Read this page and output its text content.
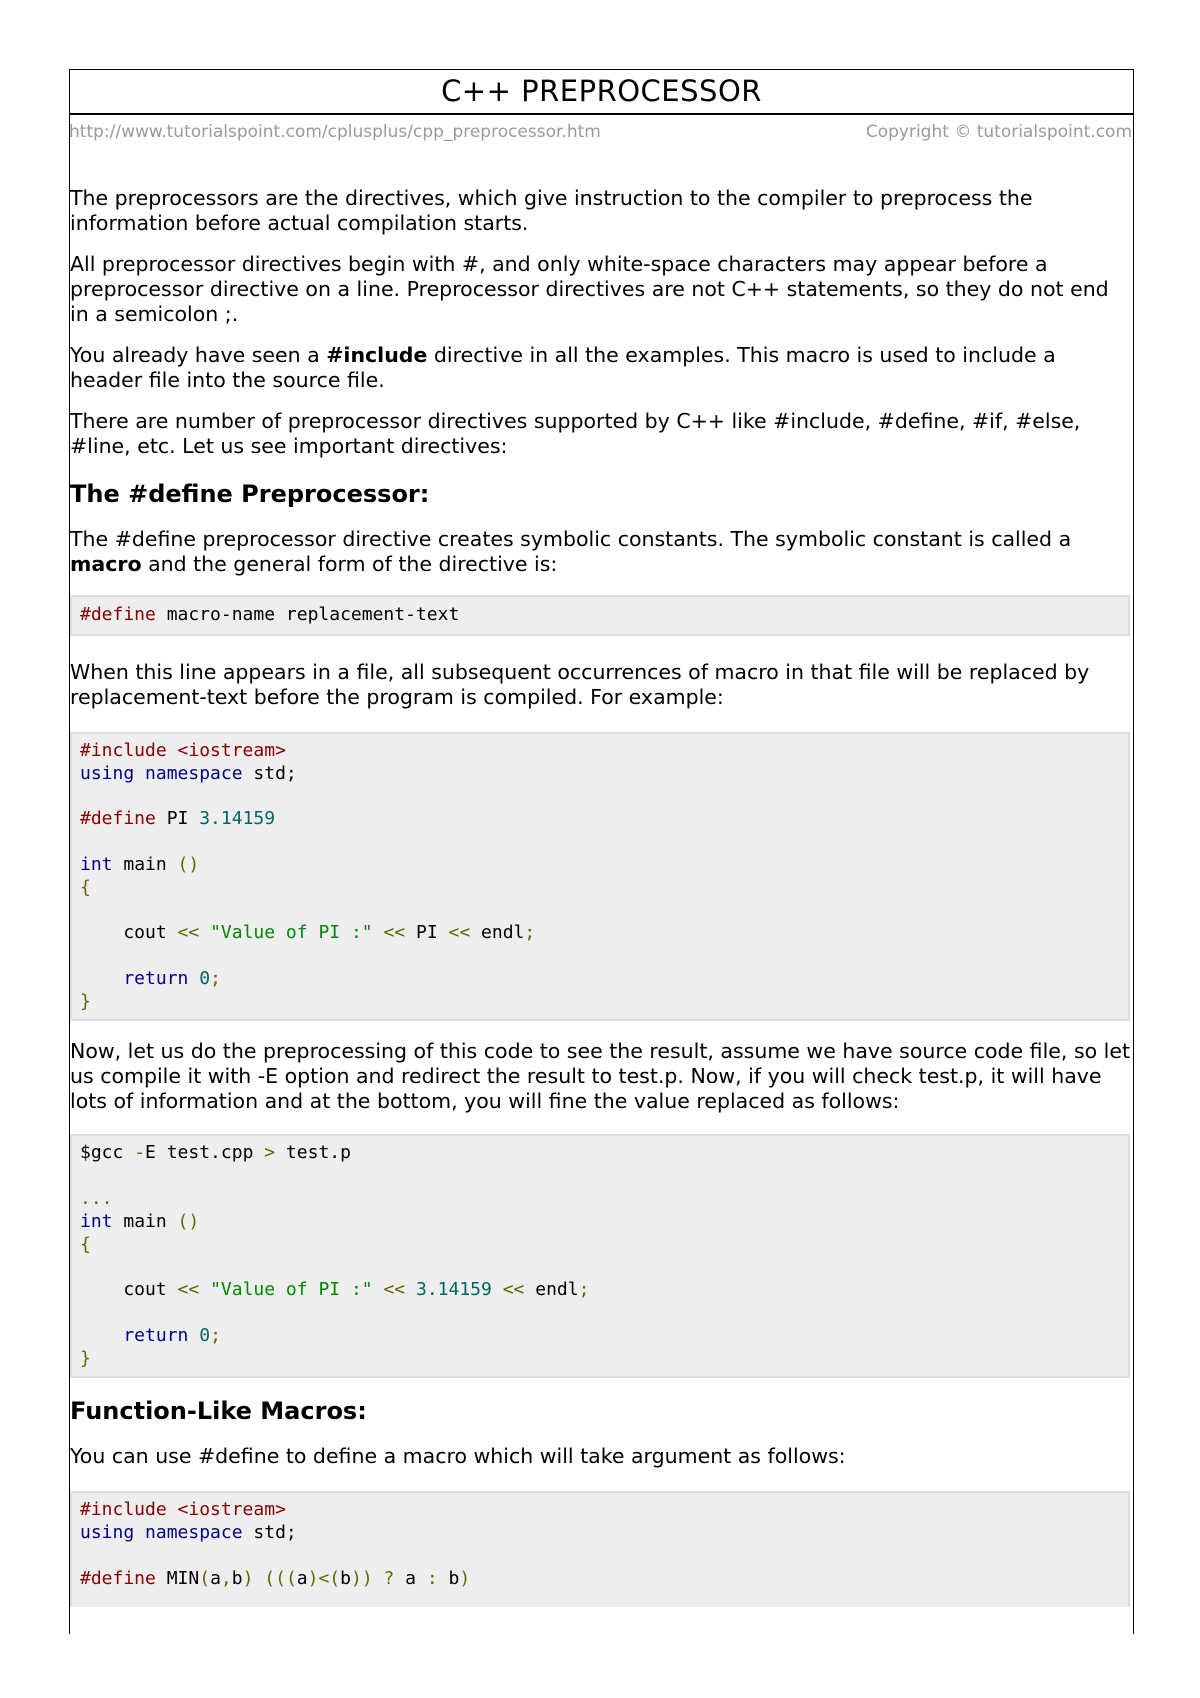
C++ PREPROCESSOR
http://www.tutorialspoint.com/cplusplus/cpp_preprocessor.htm	Copyright © tutorialspoint.com

The preprocessors are the directives, which give instruction to the compiler to preprocess the information before actual compilation starts.

All preprocessor directives begin with #, and only white-space characters may appear before a preprocessor directive on a line. Preprocessor directives are not C++ statements, so they do not end in a semicolon ;.

You already have seen a #include directive in all the examples. This macro is used to include a header file into the source file.

There are number of preprocessor directives supported by C++ like #include, #define, #if, #else, #line, etc. Let us see important directives:

The #define Preprocessor:

The #define preprocessor directive creates symbolic constants. The symbolic constant is called a macro and the general form of the directive is:

#define macro-name replacement-text

When this line appears in a file, all subsequent occurrences of macro in that file will be replaced by replacement-text before the program is compiled. For example:

#include <iostream>
using namespace std;

#define PI 3.14159

int main ()
{

cout << "Value of PI :" << PI << endl;

return 0;
}

Now, let us do the preprocessing of this code to see the result, assume we have source code file, so let us compile it with -E option and redirect the result to test.p. Now, if you will check test.p, it will have lots of information and at the bottom, you will fine the value replaced as follows:

$gcc -E test.cpp > test.p

...
int main ()
{

cout << "Value of PI :" << 3.14159 << endl;

return 0;
}
Function-Like Macros:

You can use #define to define a macro which will take argument as follows:

#include <iostream>
using namespace std;

#define MIN(a,b) (((a)<(b)) ? a : b)
